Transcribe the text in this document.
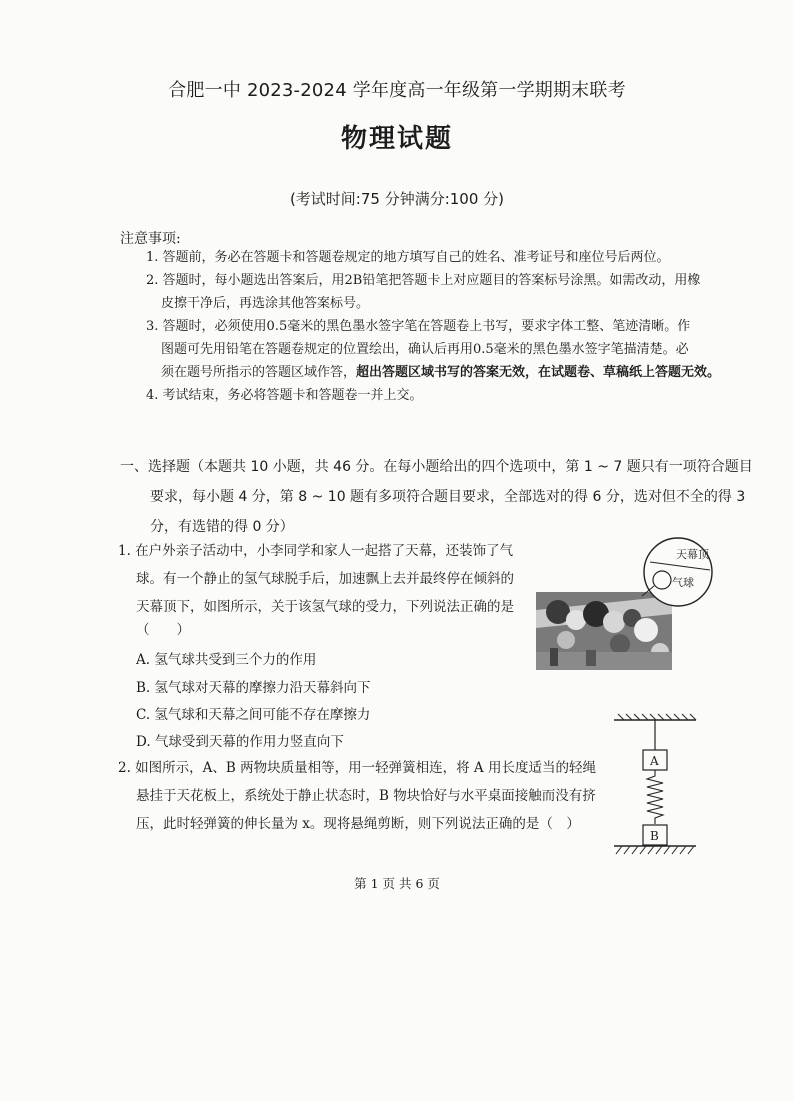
合肥一中 2023-2024 学年度高一年级第一学期期末联考
物理试题
(考试时间:75 分钟满分:100 分)
注意事项:
1. 答题前，务必在答题卡和答题卷规定的地方填写自己的姓名、准考证号和座位号后两位。
2. 答题时，每小题选出答案后，用2B铅笔把答题卡上对应题目的答案标号涂黑。如需改动，用橡
皮擦干净后，再选涂其他答案标号。
3. 答题时，必须使用0.5毫米的黑色墨水签字笔在答题卷上书写，要求字体工整、笔迹清晰。作
图题可先用铅笔在答题卷规定的位置绘出，确认后再用0.5毫米的黑色墨水签字笔描清楚。必
须在题号所指示的答题区域作答，超出答题区域书写的答案无效，在试题卷、草稿纸上答题无效。
4. 考试结束，务必将答题卡和答题卷一并上交。
一、选择题（本题共 10 小题，共 46 分。在每小题给出的四个选项中，第 1 ~ 7 题只有一项符合题目
要求，每小题 4 分，第 8 ~ 10 题有多项符合题目要求，全部选对的得 6 分，选对但不全的得 3
分，有选错的得 0 分）
1. 在户外亲子活动中，小李同学和家人一起搭了天幕，还装饰了气
球。有一个静止的氢气球脱手后，加速飘上去并最终停在倾斜的
天幕顶下，如图所示，关于该氢气球的受力，下列说法正确的是
（　　）
A. 氢气球共受到三个力的作用
B. 氢气球对天幕的摩擦力沿天幕斜向下
C. 氢气球和天幕之间可能不存在摩擦力
D. 气球受到天幕的作用力竖直向下
天幕顶
气球
2. 如图所示，A、B 两物块质量相等，用一轻弹簧相连，将 A 用长度适当的轻绳
悬挂于天花板上，系统处于静止状态时，B 物块恰好与水平桌面接触而没有挤
压，此时轻弹簧的伸长量为 x。现将悬绳剪断，则下列说法正确的是（　）
A
B
第 1 页 共 6 页
